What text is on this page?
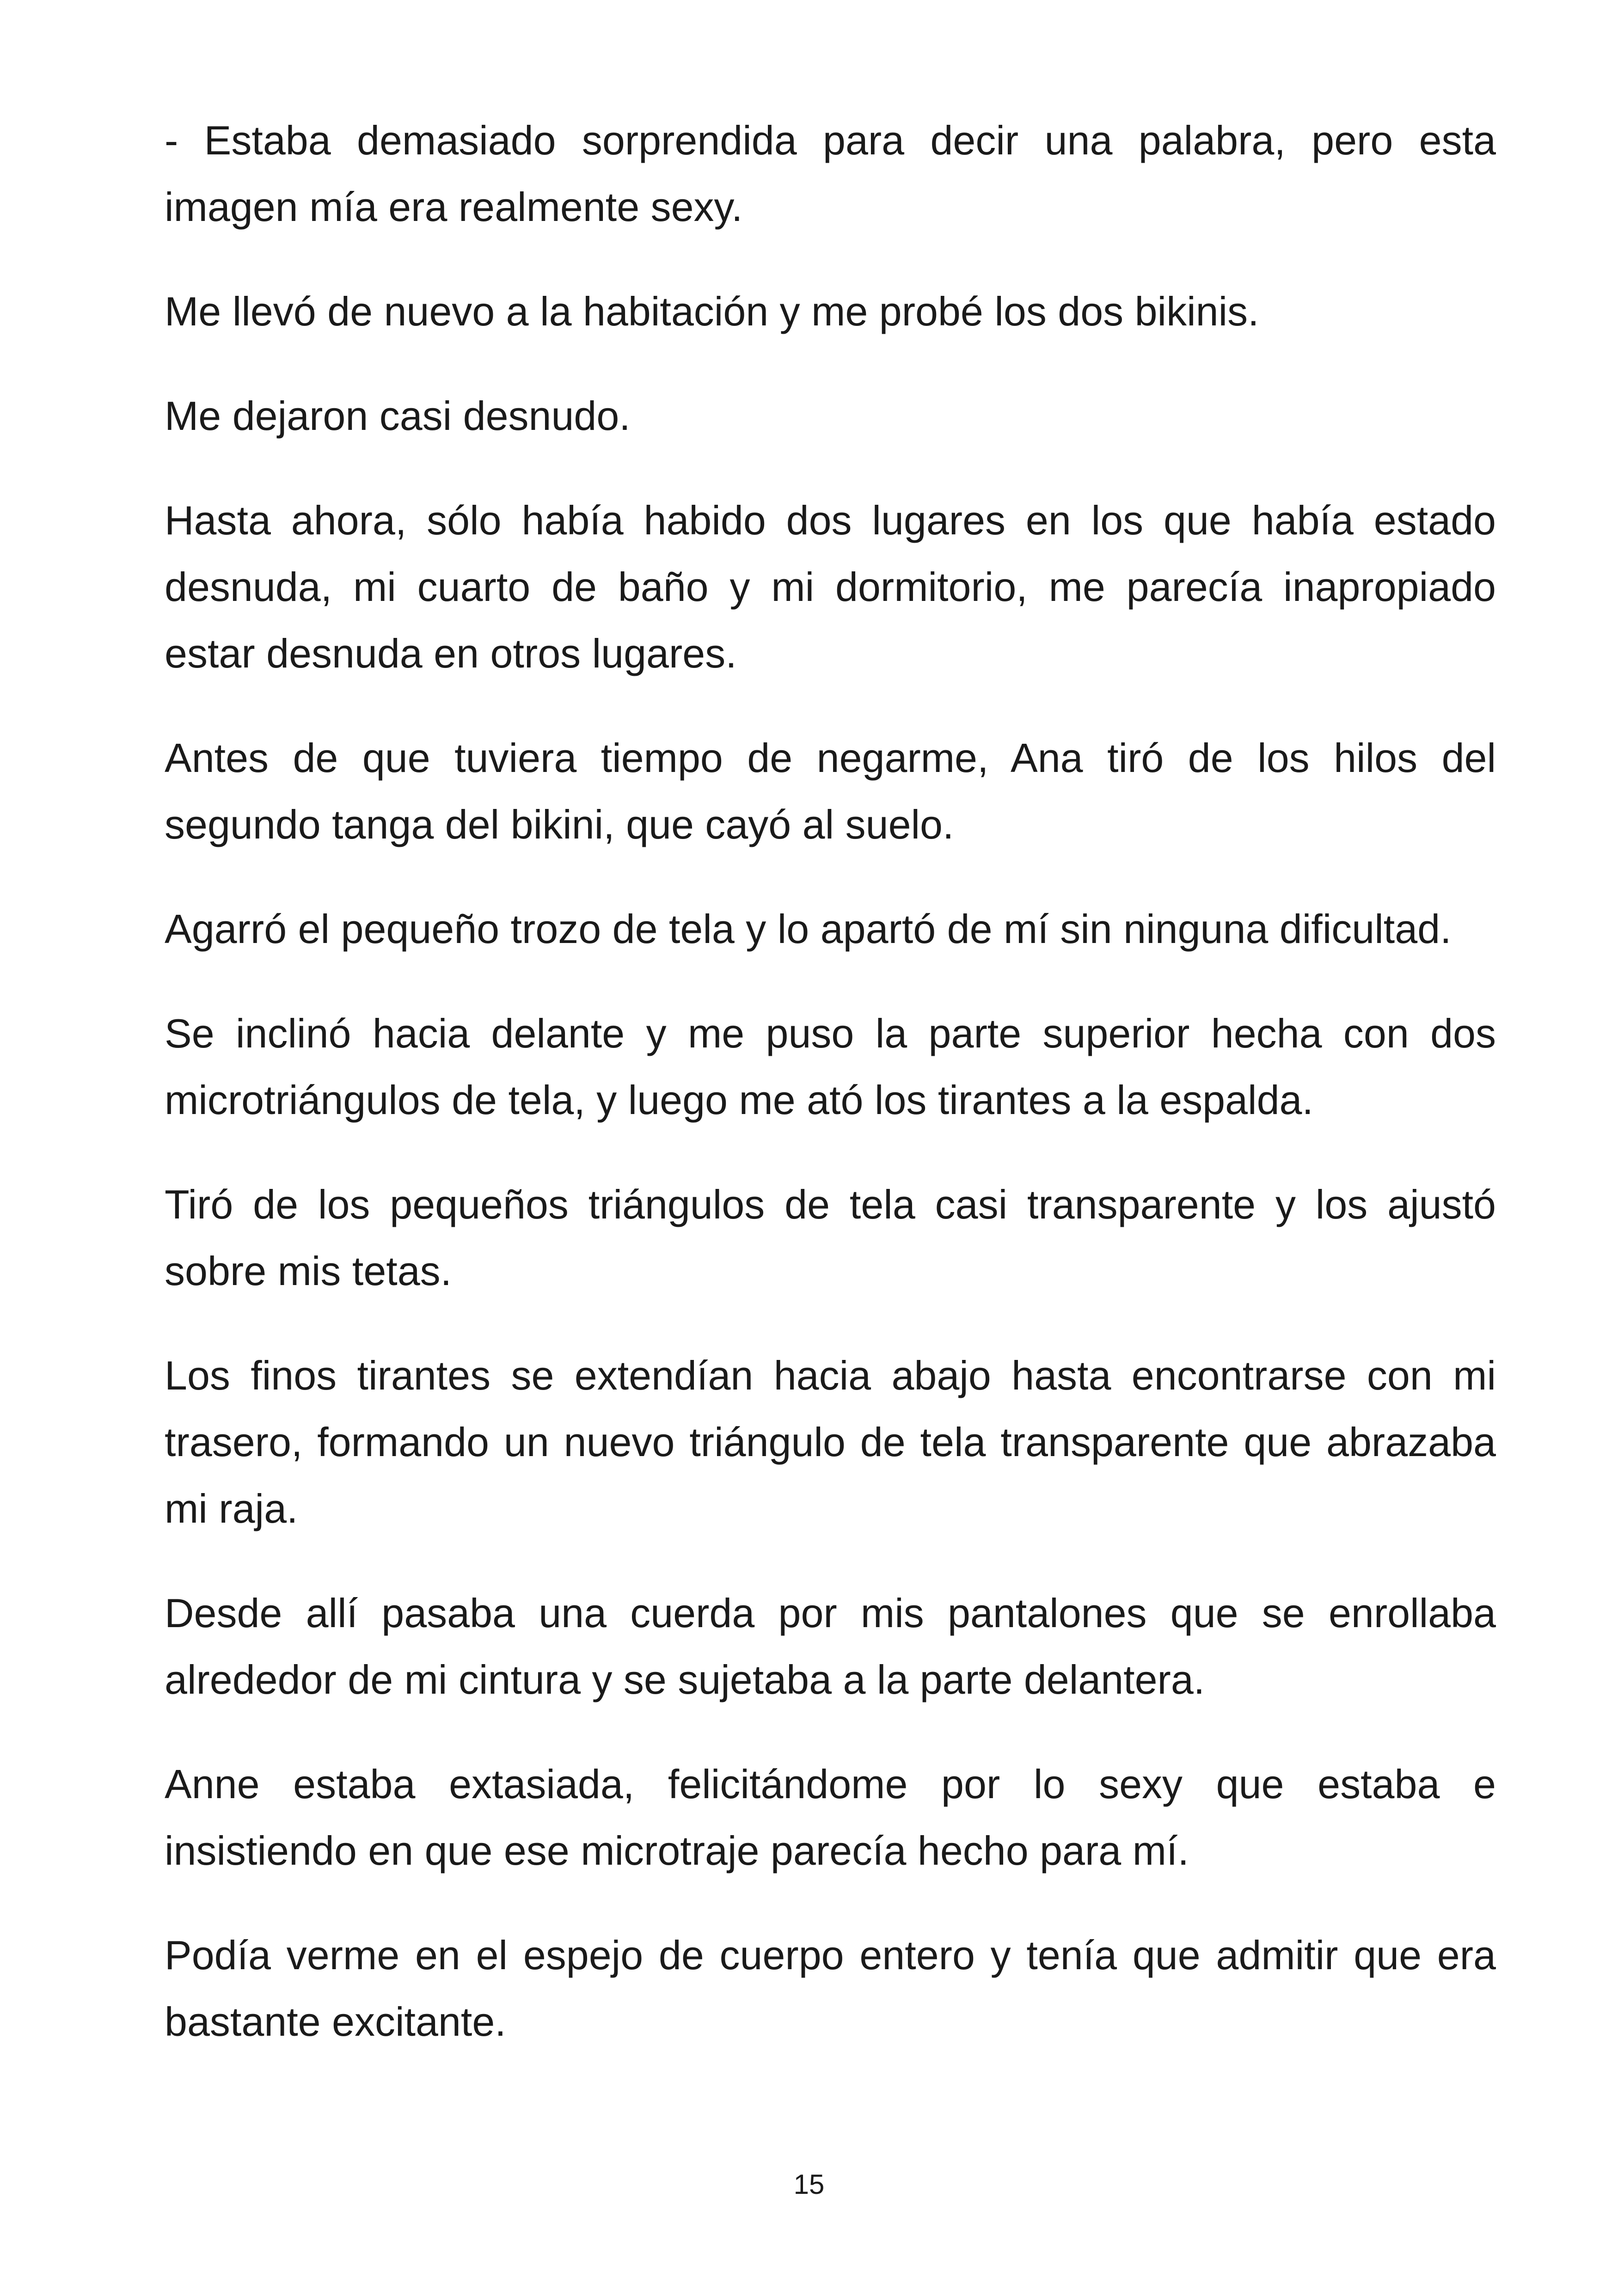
- Estaba demasiado sorprendida para decir una palabra, pero esta imagen mía era realmente sexy.

Me llevó de nuevo a la habitación y me probé los dos bikinis.

Me dejaron casi desnudo.

Hasta ahora, sólo había habido dos lugares en los que había estado desnuda, mi cuarto de baño y mi dormitorio, me parecía inapropiado estar desnuda en otros lugares.

Antes de que tuviera tiempo de negarme, Ana tiró de los hilos del segundo tanga del bikini, que cayó al suelo.

Agarró el pequeño trozo de tela y lo apartó de mí sin ninguna dificultad.

Se inclinó hacia delante y me puso la parte superior hecha con dos microtriángulos de tela, y luego me ató los tirantes a la espalda.

Tiró de los pequeños triángulos de tela casi transparente y los ajustó sobre mis tetas.

Los finos tirantes se extendían hacia abajo hasta encontrarse con mi trasero, formando un nuevo triángulo de tela transparente que abrazaba mi raja.

Desde allí pasaba una cuerda por mis pantalones que se enrollaba alrededor de mi cintura y se sujetaba a la parte delantera.

Anne estaba extasiada, felicitándome por lo sexy que estaba e insistiendo en que ese microtraje parecía hecho para mí.

Podía verme en el espejo de cuerpo entero y tenía que admitir que era bastante excitante.

15
